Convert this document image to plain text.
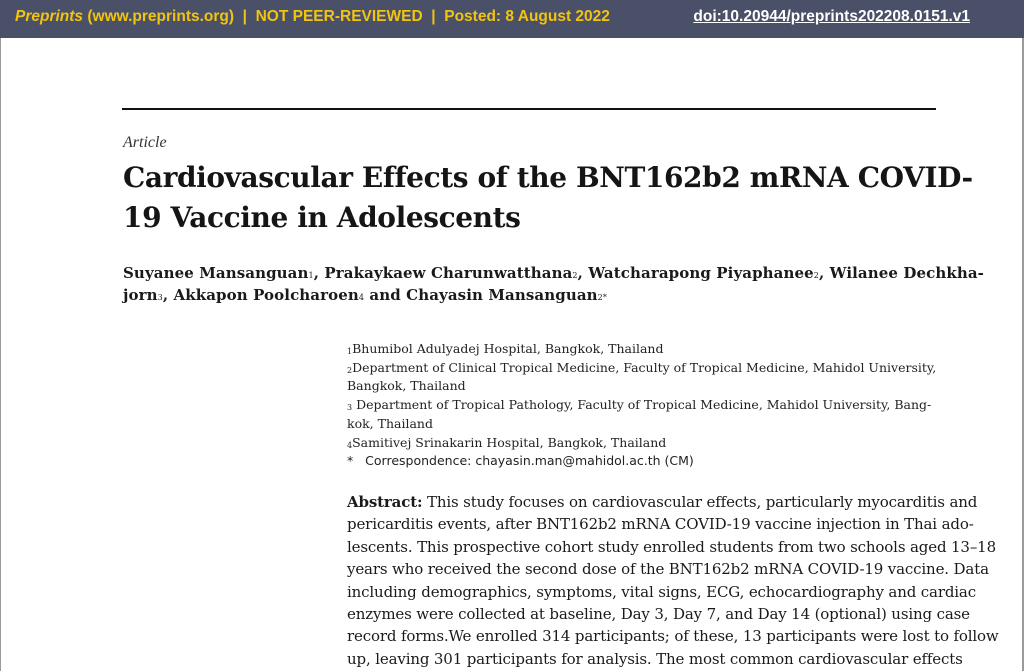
Preprints (www.preprints.org)  |  NOT PEER-REVIEWED  |  Posted: 8 August 2022	doi:10.20944/preprints202208.0151.v1
Article
Cardiovascular Effects of the BNT162b2 mRNA COVID-
19 Vaccine in Adolescents
Suyanee Mansanguan$^1$, Prakaykaew Charunwatthana$^2$, Watcharapong Piyaphanee$^2$, Wilanee Dechkha-
jorn$^3$, Akkapon Poolcharoen$^4$ and Chayasin Mansanguan$^{2*}$
$^1$Bhumibol Adulyadej Hospital, Bangkok, Thailand
$^2$Department of Clinical Tropical Medicine, Faculty of Tropical Medicine, Mahidol University,
Bangkok, Thailand
$^3$ Department of Tropical Pathology, Faculty of Tropical Medicine, Mahidol University, Bang-
kok, Thailand
$^4$Samitivej Srinakarin Hospital, Bangkok, Thailand
*   Correspondence: chayasin.man@mahidol.ac.th (CM)
Abstract: This study focuses on cardiovascular effects, particularly myocarditis and
pericarditis events, after BNT162b2 mRNA COVID-19 vaccine injection in Thai ado-
lescents. This prospective cohort study enrolled students from two schools aged 13–18
years who received the second dose of the BNT162b2 mRNA COVID-19 vaccine. Data
including demographics, symptoms, vital signs, ECG, echocardiography and cardiac
enzymes were collected at baseline, Day 3, Day 7, and Day 14 (optional) using case
record forms.We enrolled 314 participants; of these, 13 participants were lost to follow
up, leaving 301 participants for analysis. The most common cardiovascular effects
